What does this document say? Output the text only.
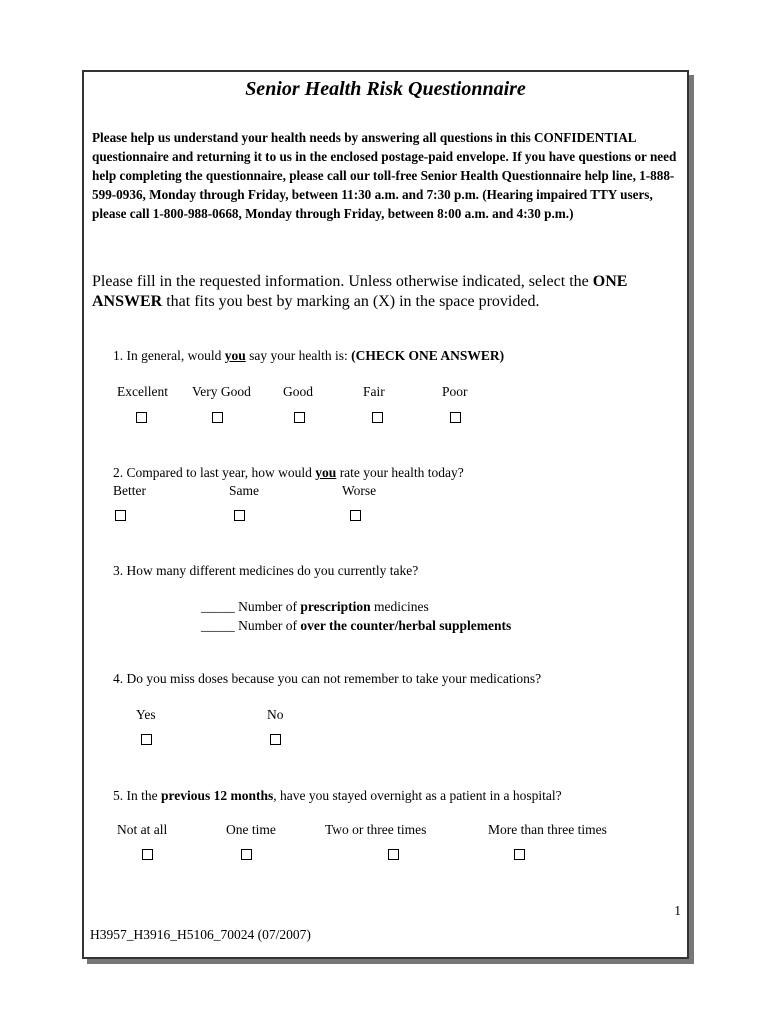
Senior Health Risk Questionnaire

Please help us understand your health needs by answering all questions in this CONFIDENTIAL questionnaire and returning it to us in the enclosed postage-paid envelope. If you have questions or need help completing the questionnaire, please call our toll-free Senior Health Questionnaire help line, 1-888-599-0936, Monday through Friday, between 11:30 a.m. and 7:30 p.m. (Hearing impaired TTY users, please call 1-800-988-0668, Monday through Friday, between 8:00 a.m. and 4:30 p.m.)

Please fill in the requested information. Unless otherwise indicated, select the ONE ANSWER that fits you best by marking an (X) in the space provided.
1. In general, would you say your health is: (CHECK ONE ANSWER)
Excellent Very Good Good	Fair	Poor
2. Compared to last year, how would you rate your health today?
Better	Same	Worse
3. How many different medicines do you currently take?
_____ Number of prescription medicines
_____ Number of over the counter/herbal supplements
4. Do you miss doses because you can not remember to take your medications?
Yes	No
5. In the previous 12 months, have you stayed overnight as a patient in a hospital?
Not at all	One time	Two or three times	More than three times
1
H3957_H3916_H5106_70024 (07/2007)
